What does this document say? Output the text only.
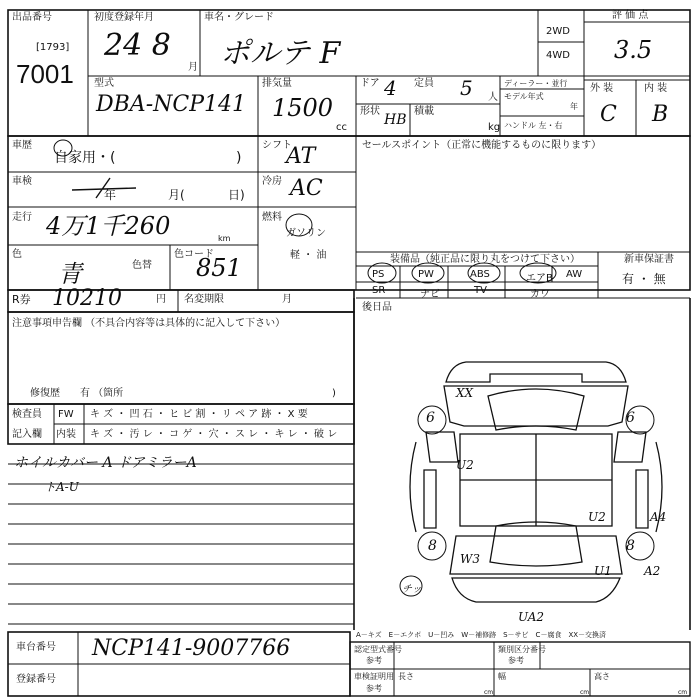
出品番号
[1793]
7001
初度登録年月
24 8
月
車名・グレード
ポルテ F
2WD
4WD
評 価 点
3.5
型式
DBA-NCP141
排気量
1500
cc
ドア 4 定員 5 人
形状
HB
積載
kg
ディーラー・並行
モデル年式
年
ハンドル 左・右
外 装	内 装
C B
車歴
自家用・(	)
車検
年	月(	日)
走行 4万1千260	km
色
青	色替
色コード
851
シフト
AT
冷房 AC
燃料
ガソリン
軽 ・ 油
R券 10210	円 名変期限	月
セールスポイント（正常に機能するものに限ります）
装備品（純正品に限り丸をつけて下さい）
PS	PW	ABS	エアB AW
SR	ナビ	TV	カワ
新車保証書
有 ・ 無
後日品
注意事項申告欄 （不具合内容等は具体的に記入して下さい）
修復歴　　有 （箇所	)
検査員
記入欄
FW キ ズ ・ 凹 石 ・ ヒ ビ 割 ・ リ ペ ア 跡 ・ X 要
内装 キ ズ ・ 汚 レ ・ コ ゲ ・ 穴 ・ ス レ ・ キ レ ・ 破 レ
ホイルカバー A ドアミラーA
トA-U
XX
6	6
8	8
U2
U2	A4
W3
U1	A2
UA2
チッ
A－キズ　E－エクボ　U－凹み　W－補修跡　S－サビ　C－腐食　XX－交換済
車台番号 NCP141-9007766
登録番号
認定型式番号
参考
類別区分番号
参考
車検証明用
参考
長さ
cm
幅
cm
高さ
cm
